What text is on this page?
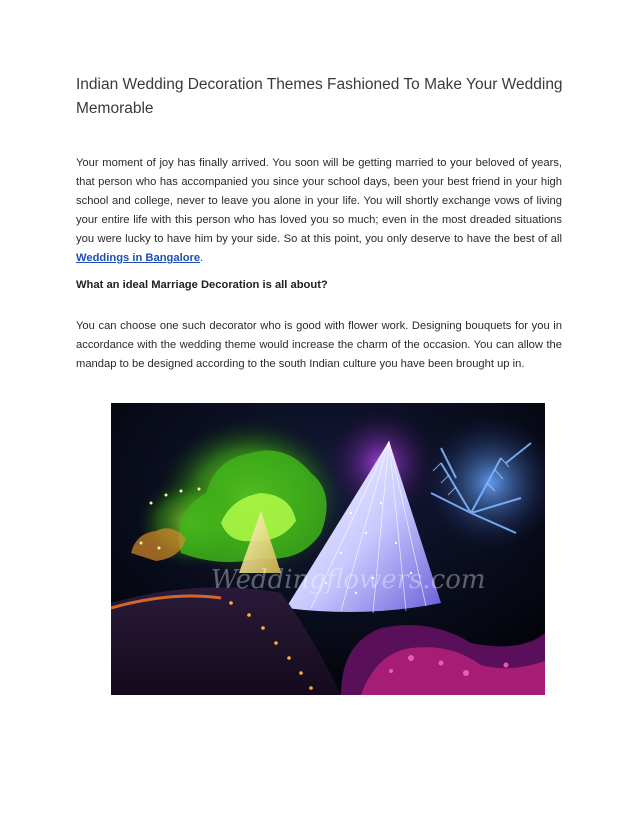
Indian Wedding Decoration Themes Fashioned To Make Your Wedding Memorable

Your moment of joy has finally arrived. You soon will be getting married to your beloved of years, that person who has accompanied you since your school days, been your best friend in your high school and college, never to leave you alone in your life. You will shortly exchange vows of living your entire life with this person who has loved you so much; even in the most dreaded situations you were lucky to have him by your side. So at this point, you only deserve to have the best of all Weddings in Bangalore.

What an ideal Marriage Decoration is all about?

You can choose one such decorator who is good with flower work. Designing bouquets for you in accordance with the wedding theme would increase the charm of the occasion. You can allow the mandap to be designed according to the south Indian culture you have been brought up in.

Weddingflowers.com
